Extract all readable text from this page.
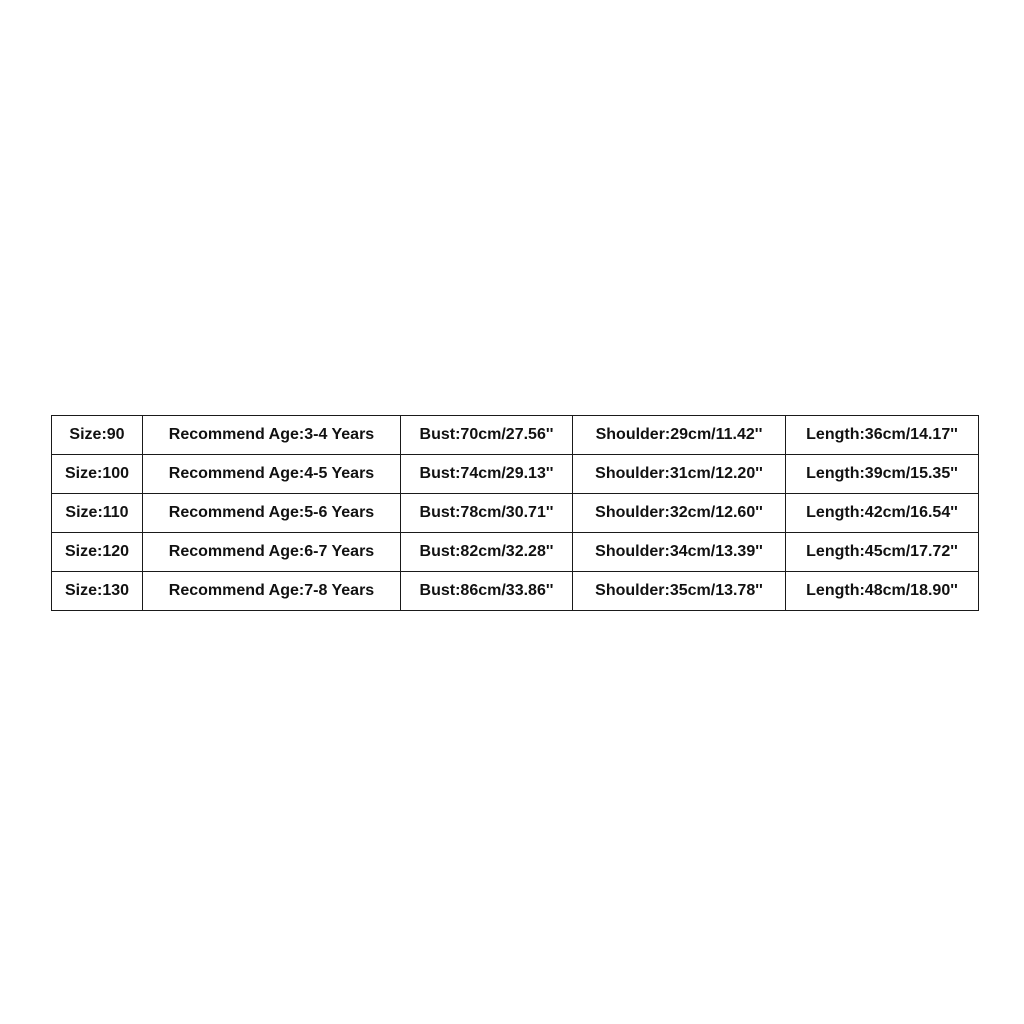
Size:90	Recommend Age:3-4 Years	Bust:70cm/27.56''	Shoulder:29cm/11.42''	Length:36cm/14.17''
Size:100	Recommend Age:4-5 Years	Bust:74cm/29.13''	Shoulder:31cm/12.20''	Length:39cm/15.35''
Size:110	Recommend Age:5-6 Years	Bust:78cm/30.71''	Shoulder:32cm/12.60''	Length:42cm/16.54''
Size:120	Recommend Age:6-7 Years	Bust:82cm/32.28''	Shoulder:34cm/13.39''	Length:45cm/17.72''
Size:130	Recommend Age:7-8 Years	Bust:86cm/33.86''	Shoulder:35cm/13.78''	Length:48cm/18.90''
